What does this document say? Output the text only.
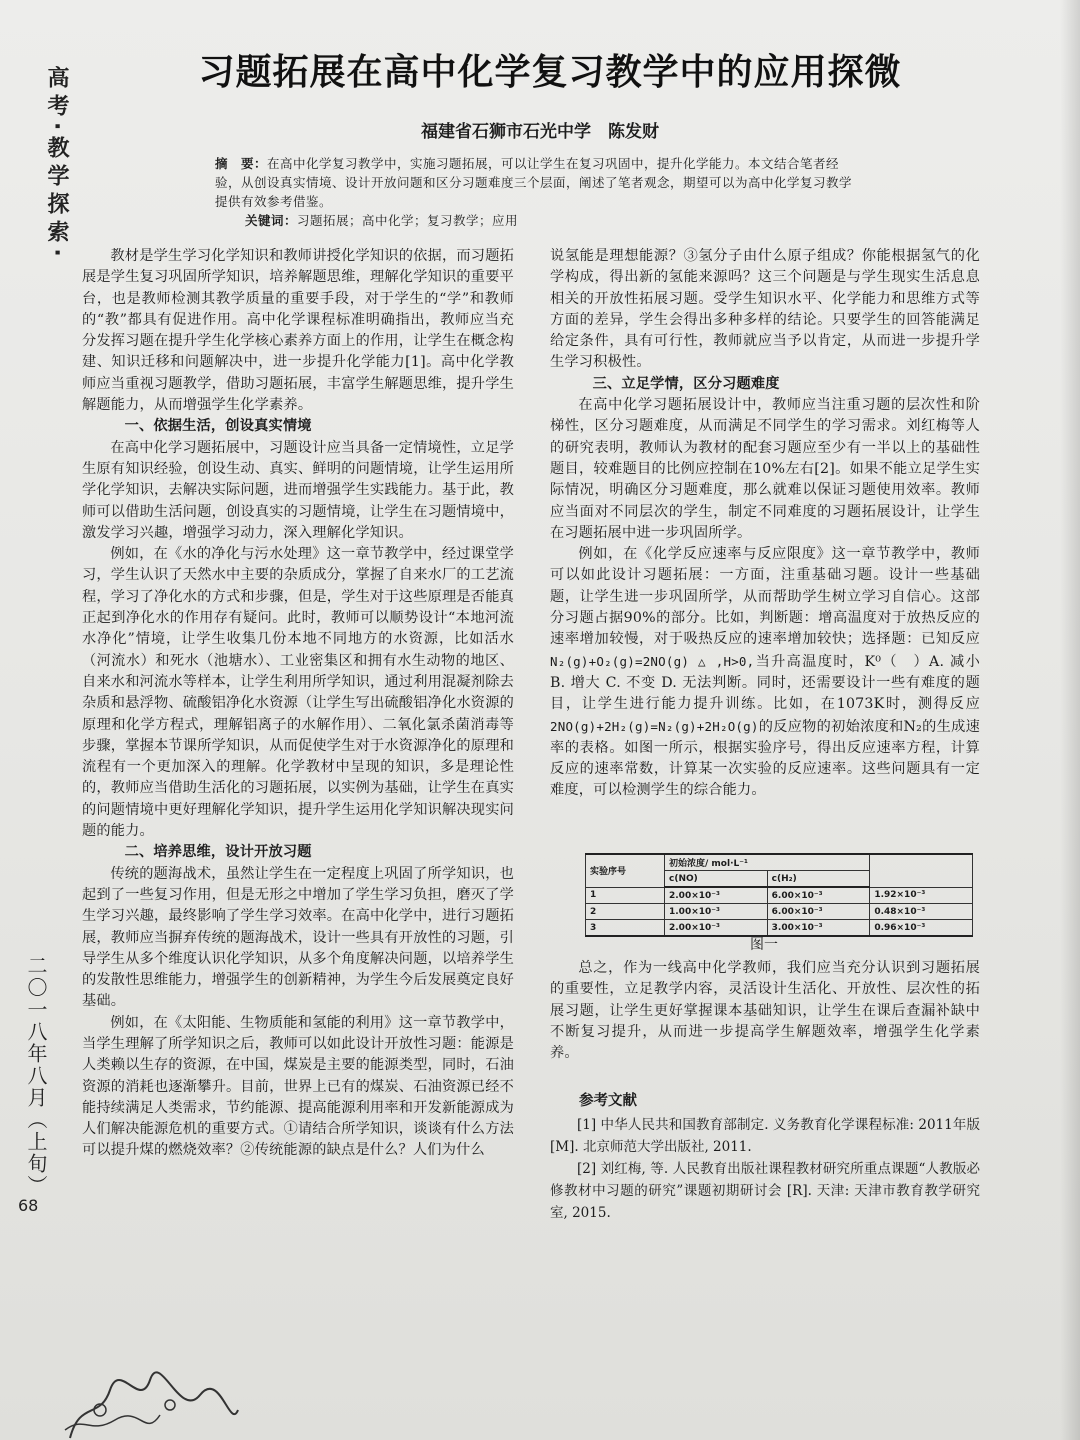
高考·教学探索·
二〇一八年八月（上旬）
68
习题拓展在高中化学复习教学中的应用探微
福建省石狮市石光中学　陈发财
摘　要：在高中化学复习教学中，实施习题拓展，可以让学生在复习巩固中，提升化学能力。本文结合笔者经验，从创设真实情境、设计开放问题和区分习题难度三个层面，阐述了笔者观念，期望可以为高中化学复习教学提供有效参考借鉴。
关键词：习题拓展；高中化学；复习教学；应用

教材是学生学习化学知识和教师讲授化学知识的依据，而习题拓展是学生复习巩固所学知识，培养解题思维，理解化学知识的重要平台，也是教师检测其教学质量的重要手段，对于学生的“学”和教师的“教”都具有促进作用。高中化学课程标准明确指出，教师应当充分发挥习题在提升学生化学核心素养方面上的作用，让学生在概念构建、知识迁移和问题解决中，进一步提升化学能力[1]。高中化学教师应当重视习题教学，借助习题拓展，丰富学生解题思维，提升学生解题能力，从而增强学生化学素养。

一、依据生活，创设真实情境

在高中化学习题拓展中，习题设计应当具备一定情境性，立足学生原有知识经验，创设生动、真实、鲜明的问题情境，让学生运用所学化学知识，去解决实际问题，进而增强学生实践能力。基于此，教师可以借助生活问题，创设真实的习题情境，让学生在习题情境中，激发学习兴趣，增强学习动力，深入理解化学知识。

例如，在《水的净化与污水处理》这一章节教学中，经过课堂学习，学生认识了天然水中主要的杂质成分，掌握了自来水厂的工艺流程，学习了净化水的方式和步骤，但是，学生对于这些原理是否能真正起到净化水的作用存有疑问。此时，教师可以顺势设计“本地河流水净化”情境，让学生收集几份本地不同地方的水资源，比如活水（河流水）和死水（池塘水）、工业密集区和拥有水生动物的地区、自来水和河流水等样本，让学生利用所学知识，通过利用混凝剂除去杂质和悬浮物、硫酸铝净化水资源（让学生写出硫酸铝净化水资源的原理和化学方程式，理解铝离子的水解作用）、二氧化氯杀菌消毒等步骤，掌握本节课所学知识，从而促使学生对于水资源净化的原理和流程有一个更加深入的理解。化学教材中呈现的知识，多是理论性的，教师应当借助生活化的习题拓展，以实例为基础，让学生在真实的问题情境中更好理解化学知识，提升学生运用化学知识解决现实问题的能力。

二、培养思维，设计开放习题

传统的题海战术，虽然让学生在一定程度上巩固了所学知识，也起到了一些复习作用，但是无形之中增加了学生学习负担，磨灭了学生学习兴趣，最终影响了学生学习效率。在高中化学中，进行习题拓展，教师应当摒弃传统的题海战术，设计一些具有开放性的习题，引导学生从多个维度认识化学知识，从多个角度解决问题，以培养学生的发散性思维能力，增强学生的创新精神，为学生今后发展奠定良好基础。

例如，在《太阳能、生物质能和氢能的利用》这一章节教学中，当学生理解了所学知识之后，教师可以如此设计开放性习题：能源是人类赖以生存的资源，在中国，煤炭是主要的能源类型，同时，石油资源的消耗也逐渐攀升。目前，世界上已有的煤炭、石油资源已经不能持续满足人类需求，节约能源、提高能源利用率和开发新能源成为人们解决能源危机的重要方式。①请结合所学知识，谈谈有什么方法可以提升煤的燃烧效率？②传统能源的缺点是什么？人们为什么

说氢能是理想能源？③氢分子由什么原子组成？你能根据氢气的化学构成，得出新的氢能来源吗？这三个问题是与学生现实生活息息相关的开放性拓展习题。受学生知识水平、化学能力和思维方式等方面的差异，学生会得出多种多样的结论。只要学生的回答能满足给定条件，具有可行性，教师就应当予以肯定，从而进一步提升学生学习积极性。

三、立足学情，区分习题难度

在高中化学习题拓展设计中，教师应当注重习题的层次性和阶梯性，区分习题难度，从而满足不同学生的学习需求。刘红梅等人的研究表明，教师认为教材的配套习题应至少有一半以上的基础性题目，较难题目的比例应控制在10%左右[2]。如果不能立足学生实际情况，明确区分习题难度，那么就难以保证习题使用效率。教师应当面对不同层次的学生，制定不同难度的习题拓展设计，让学生在习题拓展中进一步巩固所学。

例如，在《化学反应速率与反应限度》这一章节教学中，教师可以如此设计习题拓展：一方面，注重基础习题。设计一些基础题，让学生进一步巩固所学，从而帮助学生树立学习自信心。这部分习题占据90%的部分。比如，判断题：增高温度对于放热反应的速率增加较慢，对于吸热反应的速率增加较快；选择题：已知反应N₂(g)+O₂(g)=2NO(g) △ ,H>0,当升高温度时，K⁰（　）A. 减小 B. 增大 C. 不变 D. 无法判断。同时，还需要设计一些有难度的题目，让学生进行能力提升训练。比如，在1073K时，测得反应2NO(g)+2H₂(g)=N₂(g)+2H₂O(g)的反应物的初始浓度和N₂的生成速率的表格。如图一所示，根据实验序号，得出反应速率方程，计算反应的速率常数，计算某一次实验的反应速率。这些问题具有一定难度，可以检测学生的综合能力。

实验序号	初始浓度/ mol·L⁻¹		
	c(NO)	c(H₂)	
1	2.00×10⁻³	6.00×10⁻³	1.92×10⁻³
2	1.00×10⁻³	6.00×10⁻³	0.48×10⁻³
3	2.00×10⁻³	3.00×10⁻³	0.96×10⁻³
图一

总之，作为一线高中化学教师，我们应当充分认识到习题拓展的重要性，立足教学内容，灵活设计生活化、开放性、层次性的拓展习题，让学生更好掌握课本基础知识，让学生在课后查漏补缺中不断复习提升，从而进一步提高学生解题效率，增强学生化学素养。

参考文献

[1] 中华人民共和国教育部制定. 义务教育化学课程标准: 2011年版 [M]. 北京师范大学出版社, 2011.

[2] 刘红梅, 等. 人民教育出版社课程教材研究所重点课题“人教版必修教材中习题的研究”课题初期研讨会 [R]. 天津: 天津市教育教学研究室, 2015.
